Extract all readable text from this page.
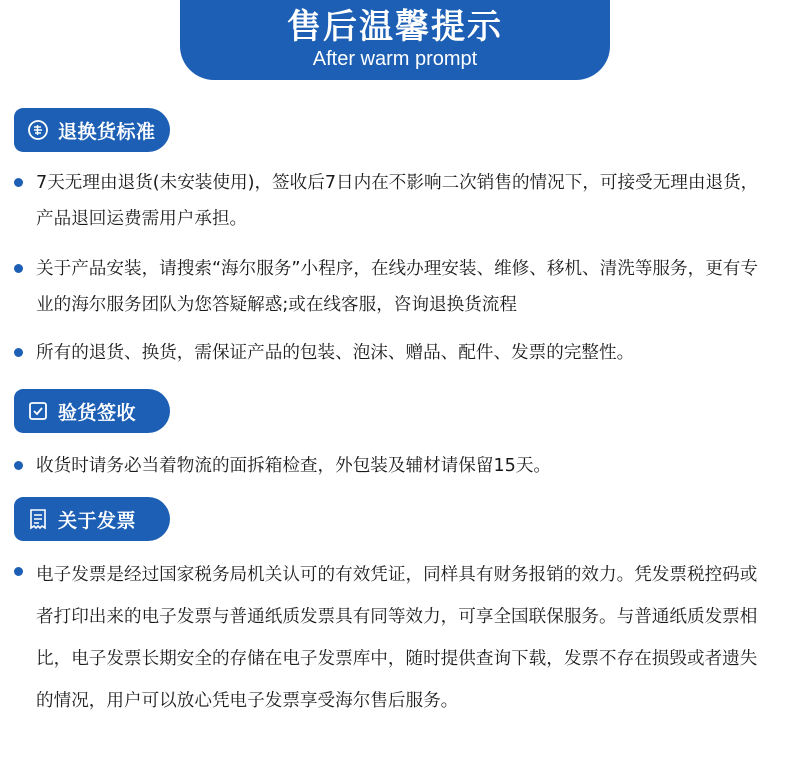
售后温馨提示
After warm prompt
退换货标准
7天无理由退货(未安装使用)，签收后7日内在不影响二次销售的情况下，可接受无理由退货，产品退回运费需用户承担。
关于产品安装，请搜索“海尔服务”小程序，在线办理安装、维修、移机、清洗等服务，更有专业的海尔服务团队为您答疑解惑;或在线客服，咨询退换货流程
所有的退货、换货，需保证产品的包装、泡沫、赠品、配件、发票的完整性。
验货签收
收货时请务必当着物流的面拆箱检查，外包装及辅材请保留15天。
关于发票
电子发票是经过国家税务局机关认可的有效凭证，同样具有财务报销的效力。凭发票税控码或者打印出来的电子发票与普通纸质发票具有同等效力，可享全国联保服务。与普通纸质发票相比，电子发票长期安全的存储在电子发票库中，随时提供查询下载，发票不存在损毁或者遗失的情况，用户可以放心凭电子发票享受海尔售后服务。
